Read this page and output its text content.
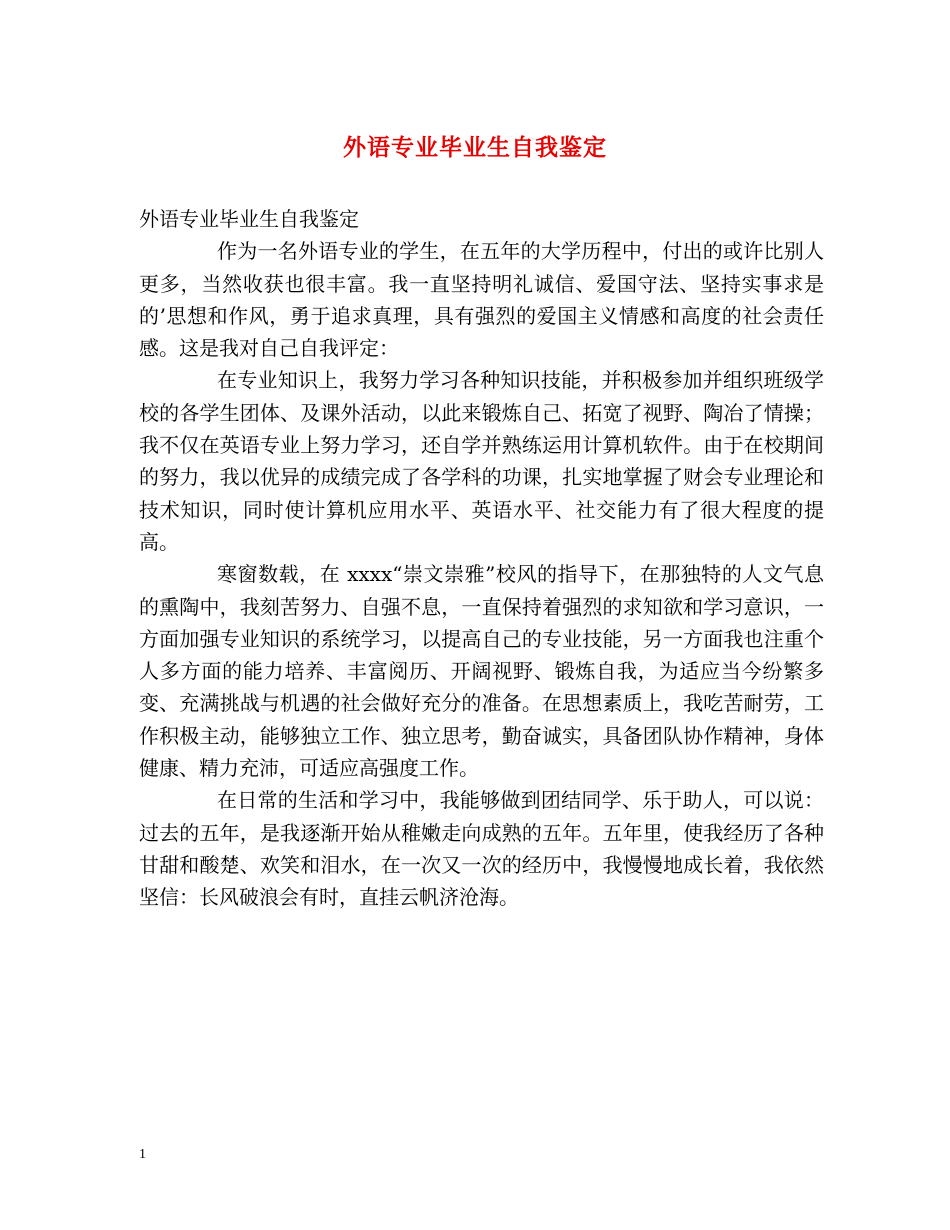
外语专业毕业生自我鉴定

外语专业毕业生自我鉴定

作为一名外语专业的学生，在五年的大学历程中，付出的或许比别人更多，当然收获也很丰富。我一直坚持明礼诚信、爱国守法、坚持实事求是的’思想和作风，勇于追求真理，具有强烈的爱国主义情感和高度的社会责任感。这是我对自己自我评定：

在专业知识上，我努力学习各种知识技能，并积极参加并组织班级学校的各学生团体、及课外活动，以此来锻炼自己、拓宽了视野、陶冶了情操；我不仅在英语专业上努力学习，还自学并熟练运用计算机软件。由于在校期间的努力，我以优异的成绩完成了各学科的功课，扎实地掌握了财会专业理论和技术知识，同时使计算机应用水平、英语水平、社交能力有了很大程度的提高。

寒窗数载，在 xxxx“崇文崇雅”校风的指导下，在那独特的人文气息的熏陶中，我刻苦努力、自强不息，一直保持着强烈的求知欲和学习意识，一方面加强专业知识的系统学习，以提高自己的专业技能，另一方面我也注重个人多方面的能力培养、丰富阅历、开阔视野、锻炼自我，为适应当今纷繁多变、充满挑战与机遇的社会做好充分的准备。在思想素质上，我吃苦耐劳，工作积极主动，能够独立工作、独立思考，勤奋诚实，具备团队协作精神，身体健康、精力充沛，可适应高强度工作。

在日常的生活和学习中，我能够做到团结同学、乐于助人，可以说：过去的五年，是我逐渐开始从稚嫩走向成熟的五年。五年里，使我经历了各种甘甜和酸楚、欢笑和泪水，在一次又一次的经历中，我慢慢地成长着，我依然坚信：长风破浪会有时，直挂云帆济沧海。

1
